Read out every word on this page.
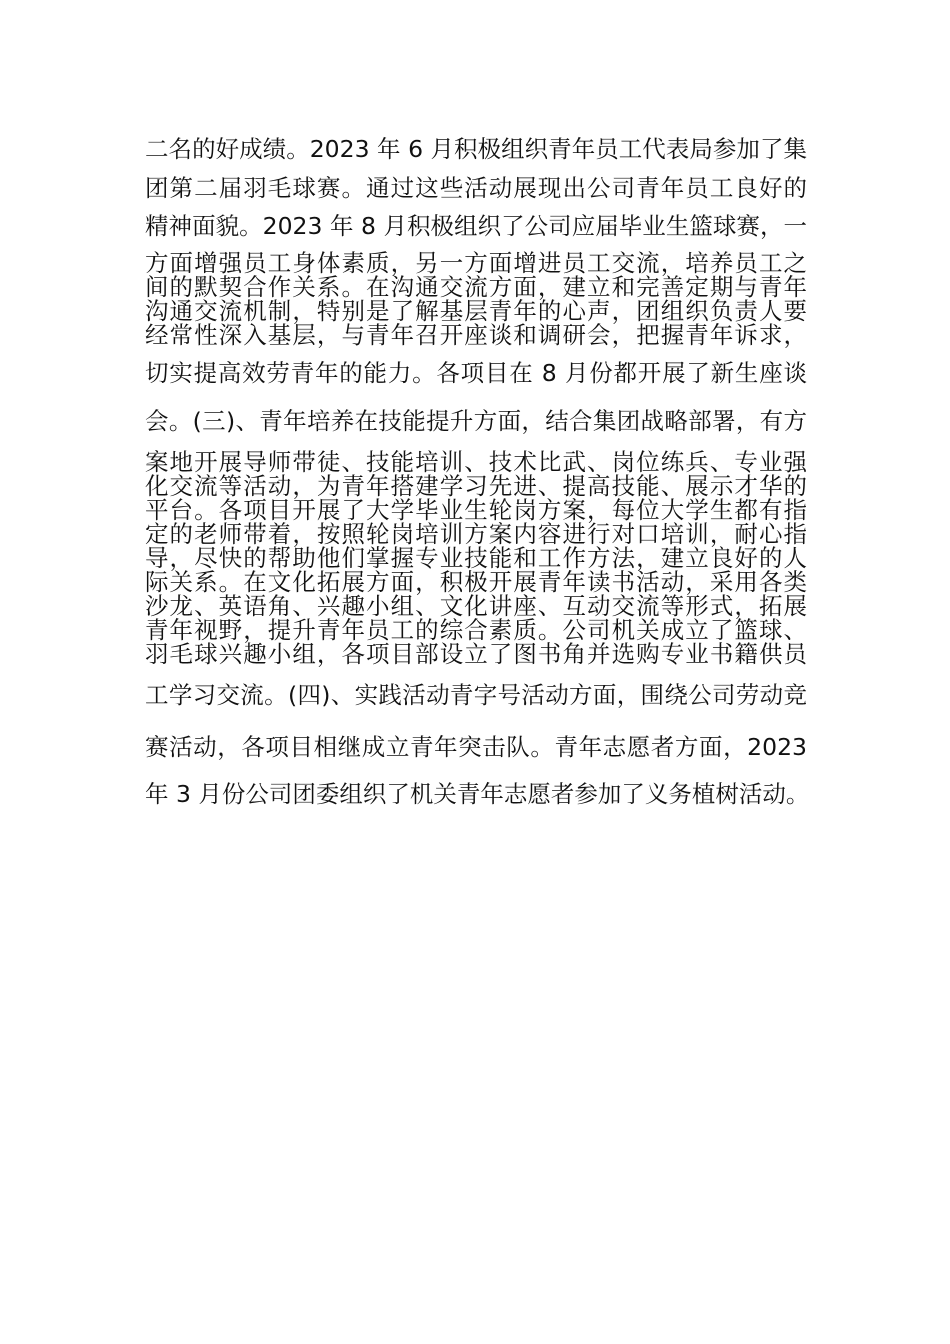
二名的好成绩。2023 年 6 月积极组织青年员工代表局参加了集
团第二届羽毛球赛。通过这些活动展现出公司青年员工良好的
精神面貌。2023 年 8 月积极组织了公司应届毕业生篮球赛，一
方面增强员工身体素质，另一方面增进员工交流，培养员工之
间的默契合作关系。在沟通交流方面，建立和完善定期与青年
沟通交流机制，特别是了解基层青年的心声，团组织负责人要
经常性深入基层，与青年召开座谈和调研会，把握青年诉求，
切实提高效劳青年的能力。各项目在 8 月份都开展了新生座谈
会。(三)、青年培养在技能提升方面，结合集团战略部署，有方
案地开展导师带徒、技能培训、技术比武、岗位练兵、专业强
化交流等活动，为青年搭建学习先进、提高技能、展示才华的
平台。各项目开展了大学毕业生轮岗方案，每位大学生都有指
定的老师带着，按照轮岗培训方案内容进行对口培训，耐心指
导，尽快的帮助他们掌握专业技能和工作方法，建立良好的人
际关系。在文化拓展方面，积极开展青年读书活动，采用各类
沙龙、英语角、兴趣小组、文化讲座、互动交流等形式，拓展
青年视野，提升青年员工的综合素质。公司机关成立了篮球、
羽毛球兴趣小组，各项目部设立了图书角并选购专业书籍供员
工学习交流。(四)、实践活动青字号活动方面，围绕公司劳动竞
赛活动，各项目相继成立青年突击队。青年志愿者方面，2023
年 3 月份公司团委组织了机关青年志愿者参加了义务植树活动。
